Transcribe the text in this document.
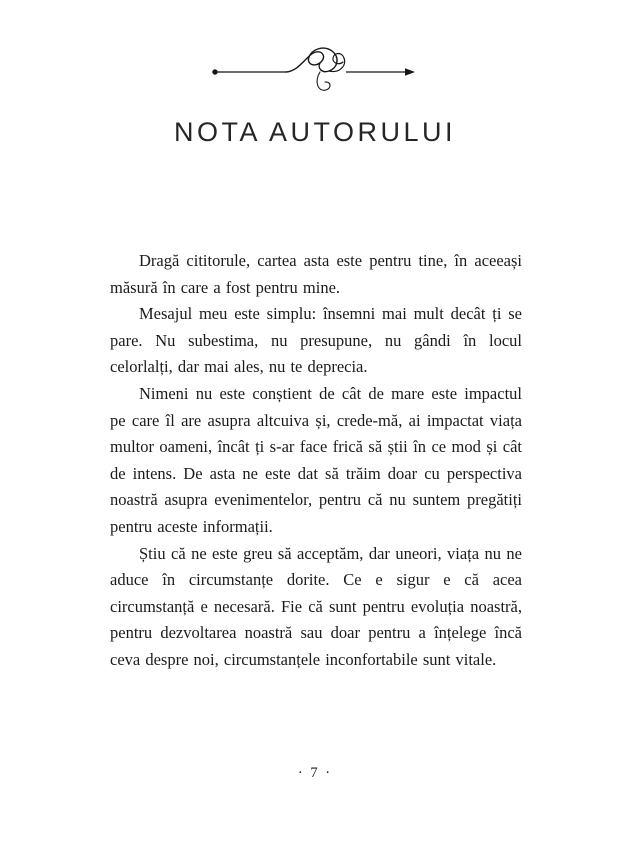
NOTA AUTORULUI

Dragă cititorule, cartea asta este pentru tine, în aceeași măsură în care a fost pentru mine.

Mesajul meu este simplu: însemni mai mult decât ți se pare. Nu subestima, nu presupune, nu gândi în locul celorlalți, dar mai ales, nu te deprecia.

Nimeni nu este conștient de cât de mare este impactul pe care îl are asupra altcuiva și, crede-mă, ai impactat viața multor oameni, încât ți s-ar face frică să știi în ce mod și cât de intens. De asta ne este dat să trăim doar cu perspectiva noastră asupra evenimentelor, pentru că nu suntem pregătiți pentru aceste informații.

Știu că ne este greu să acceptăm, dar uneori, viața nu ne aduce în circumstanțe dorite. Ce e sigur e că acea circumstanță e necesară. Fie că sunt pentru evoluția noastră, pentru dezvoltarea noastră sau doar pentru a înțelege încă ceva despre noi, circumstanțele inconfortabile sunt vitale.

· 7 ·
